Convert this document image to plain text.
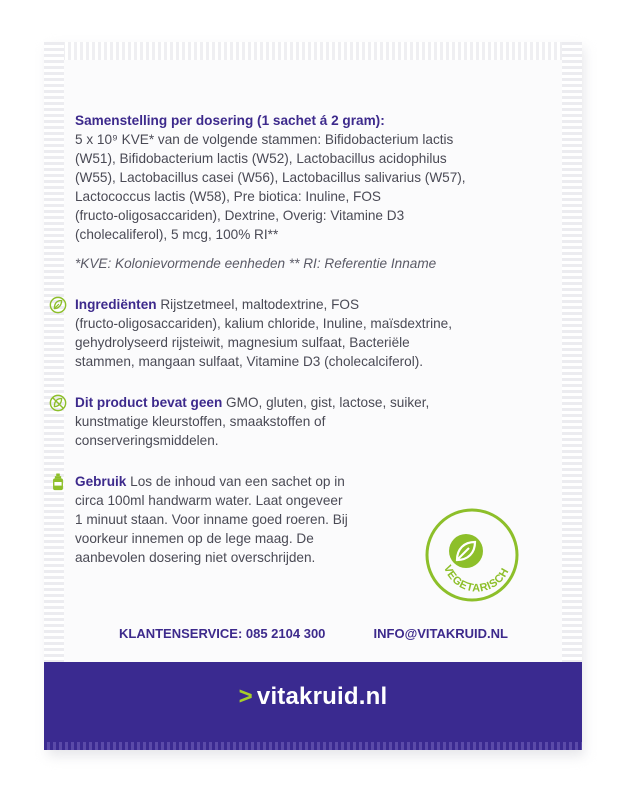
Samenstelling per dosering (1 sachet á 2 gram):
5 x 10⁹ KVE* van de volgende stammen: Bifidobacterium lactis
(W51), Bifidobacterium lactis (W52), Lactobacillus acidophilus
(W55), Lactobacillus casei (W56), Lactobacillus salivarius (W57),
Lactococcus lactis (W58), Pre biotica: Inuline, FOS
(fructo-oligosaccariden), Dextrine, Overig: Vitamine D3
(cholecaliferol), 5 mcg, 100% RI**
*KVE: Kolonievormende eenheden ** RI: Referentie Inname
Ingrediënten Rijstzetmeel, maltodextrine, FOS
(fructo-oligosaccariden), kalium chloride, Inuline, maïsdextrine,
gehydrolyseerd rijsteiwit, magnesium sulfaat, Bacteriële
stammen, mangaan sulfaat, Vitamine D3 (cholecalciferol).
Dit product bevat geen GMO, gluten, gist, lactose, suiker,
kunstmatige kleurstoffen, smaakstoffen of
conserveringsmiddelen.
Gebruik Los de inhoud van een sachet op in
circa 100ml handwarm water. Laat ongeveer
1 minuut staan. Voor inname goed roeren. Bij
voorkeur innemen op de lege maag. De
aanbevolen dosering niet overschrijden.
VEGETARISCH
KLANTENSERVICE: 085 2104 300	INFO@VITAKRUID.NL
> vitakruid.nl
